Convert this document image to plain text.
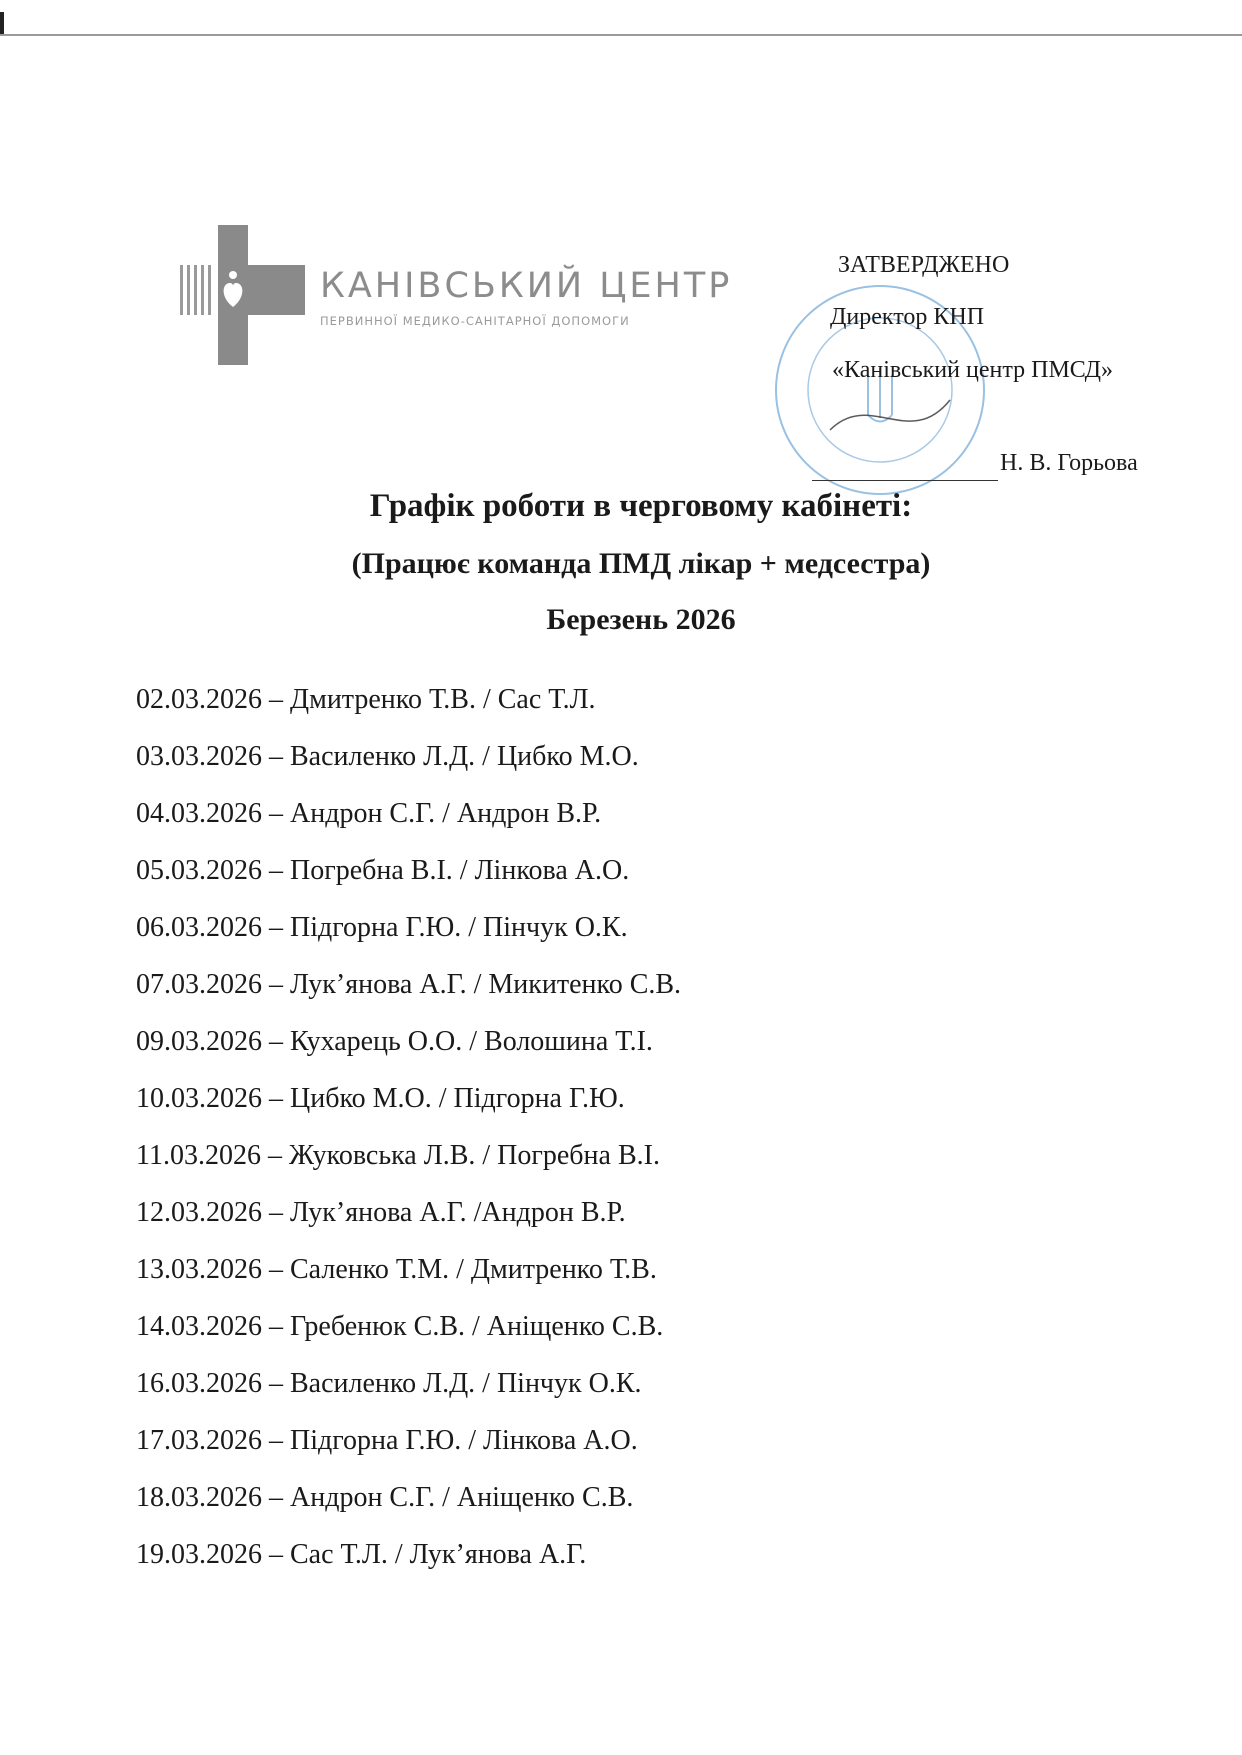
КАНІВСЬКИЙ ЦЕНТР
ПЕРВИННОЇ МЕДИКО-САНІТАРНОЇ ДОПОМОГИ
ЗАТВЕРДЖЕНО
Директор КНП
«Канівський центр ПМСД»
Н. В. Горьова
Графік роботи в черговому кабінеті:
(Працює команда ПМД лікар + медсестра)
Березень 2026
02.03.2026 – Дмитренко Т.В. / Сас Т.Л.
03.03.2026 – Василенко Л.Д. / Цибко М.О.
04.03.2026 – Андрон С.Г. / Андрон В.Р.
05.03.2026 – Погребна В.І. / Лінкова А.О.
06.03.2026 – Підгорна Г.Ю. / Пінчук О.К.
07.03.2026 – Лук’янова А.Г. / Микитенко С.В.
09.03.2026 – Кухарець О.О. / Волошина Т.І.
10.03.2026 – Цибко М.О. / Підгорна Г.Ю.
11.03.2026 – Жуковська Л.В. / Погребна В.І.
12.03.2026 – Лук’янова А.Г. /Андрон В.Р.
13.03.2026 – Саленко Т.М. / Дмитренко Т.В.
14.03.2026 – Гребенюк С.В. / Аніщенко С.В.
16.03.2026 – Василенко Л.Д. / Пінчук О.К.
17.03.2026 – Підгорна Г.Ю. / Лінкова А.О.
18.03.2026 – Андрон С.Г. / Аніщенко С.В.
19.03.2026 – Сас Т.Л. / Лук’янова А.Г.
